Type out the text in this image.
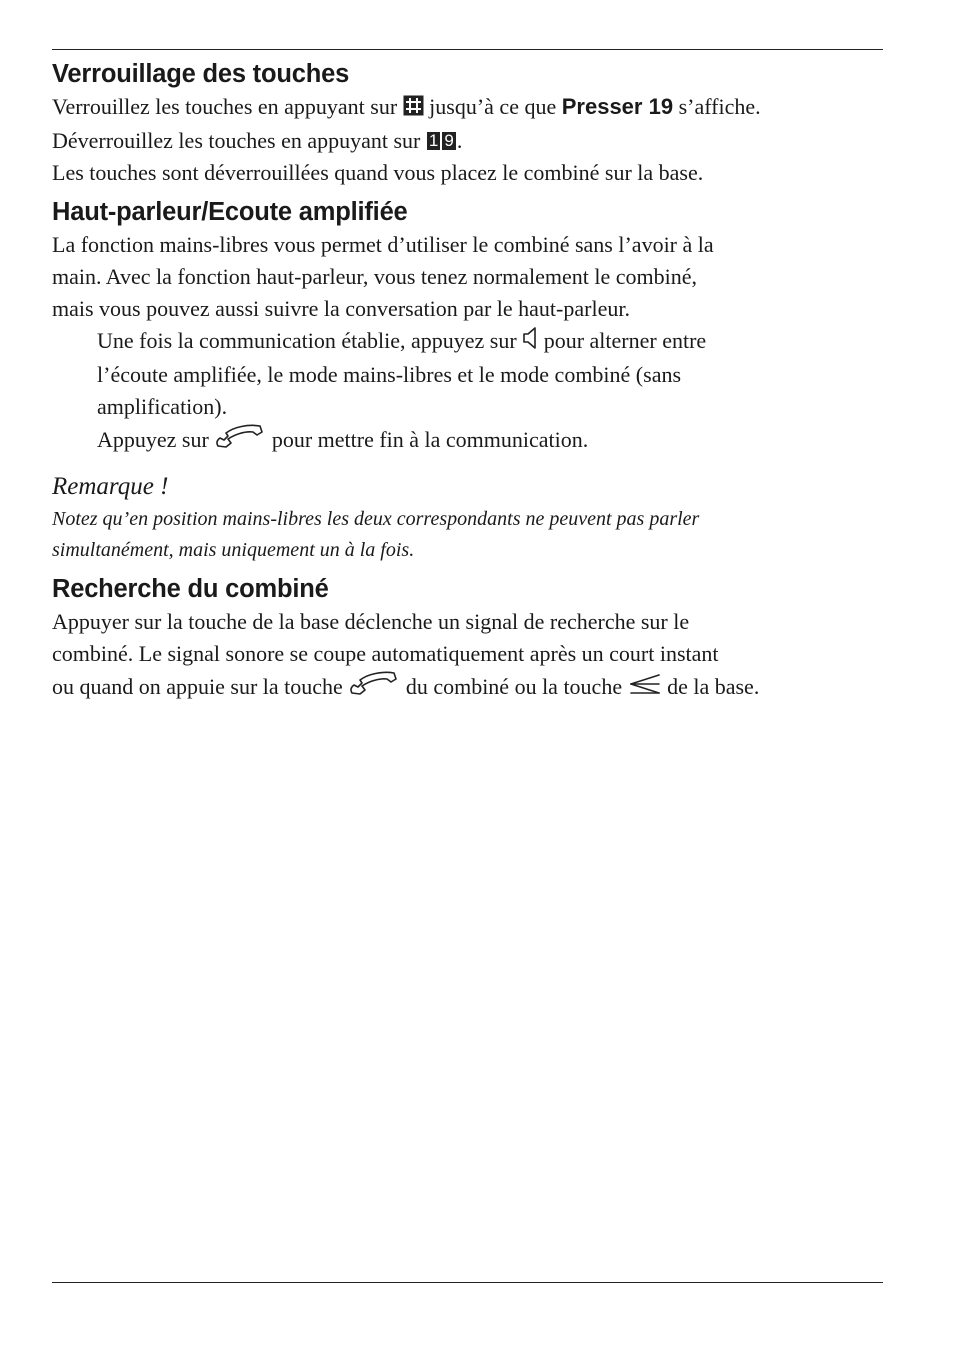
Verrouillage des touches
Verrouillez les touches en appuyant sur jusqu’à ce que Presser 19 s’affiche.
Déverrouillez les touches en appuyant sur 1 9 .
Les touches sont déverrouillées quand vous placez le combiné sur la base.
Haut-parleur/Ecoute amplifiée
La fonction mains-libres vous permet d’utiliser le combiné sans l’avoir à la
main. Avec la fonction haut-parleur, vous tenez normalement le combiné,
mais vous pouvez aussi suivre la conversation par le haut-parleur.
Une fois la communication établie, appuyez sur pour alterner entre
l’écoute amplifiée, le mode mains-libres et le mode combiné (sans
amplification).
Appuyez sur	pour mettre fin à la communication.
Remarque !
Notez qu’en position mains-libres les deux correspondants ne peuvent pas parler
simultanément, mais uniquement un à la fois.
Recherche du combiné
Appuyer sur la touche de la base déclenche un signal de recherche sur le
combiné. Le signal sonore se coupe automatiquement après un court instant
ou quand on appuie sur la touche	du combiné ou la touche de la base.
